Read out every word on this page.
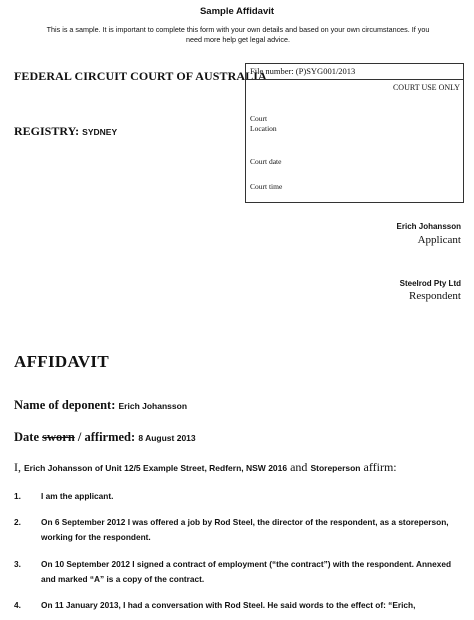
Sample Affidavit
This is a sample. It is important to complete this form with your own details and based on your own circumstances. If you
need more help get legal advice.
FEDERAL CIRCUIT COURT OF AUSTRALIA
REGISTRY: SYDNEY
File number: (P)SYG001/2013
COURT USE ONLY
Court
Location
Court date
Court time
Erich Johansson
Applicant
Steelrod Pty Ltd
Respondent
AFFIDAVIT
Name of deponent: Erich Johansson
Date sworn / affirmed: 8 August 2013
I, Erich Johansson of Unit 12/5 Example Street, Redfern, NSW 2016 and Storeperson affirm:
1. I am the applicant.
2. On 6 September 2012 I was offered a job by Rod Steel, the director of the respondent, as a storeperson, working for the respondent.
3. On 10 September 2012 I signed a contract of employment (“the contract”) with the respondent. Annexed and marked “A” is a copy of the contract.
4. On 11 January 2013, I had a conversation with Rod Steel. He said words to the effect of: “Erich,
